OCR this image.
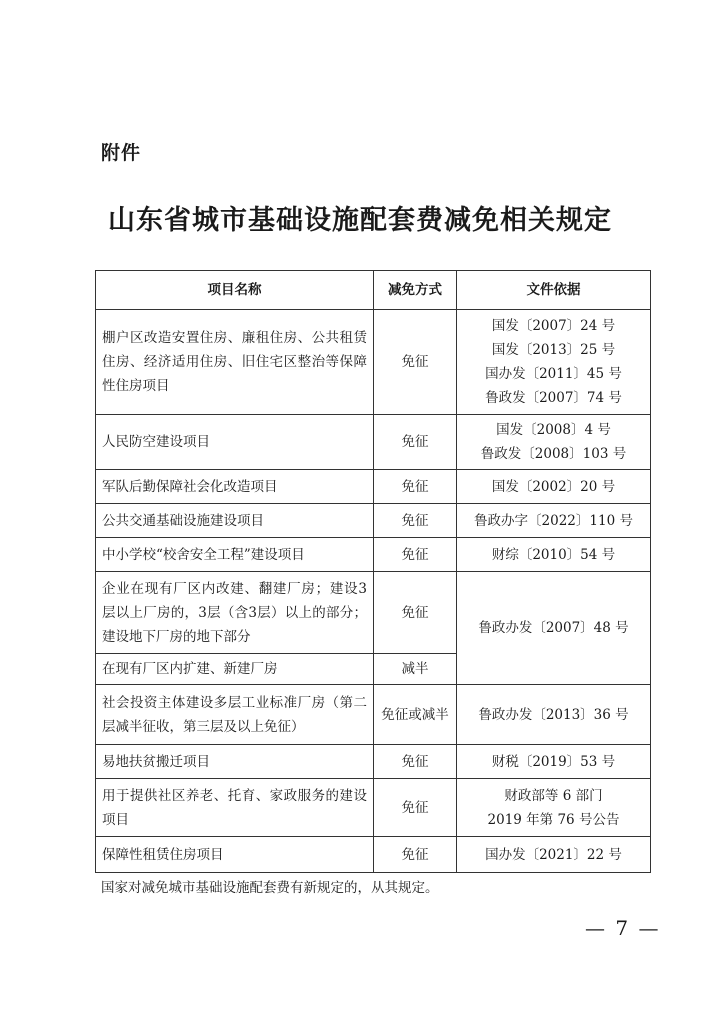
附件
山东省城市基础设施配套费减免相关规定
项目名称	减免方式	文件依据
棚户区改造安置住房、廉租住房、公共租赁住房、经济适用住房、旧住宅区整治等保障性住房项目	免征	国发〔2007〕24 号
国发〔2013〕25 号
国办发〔2011〕45 号
鲁政发〔2007〕74 号

人民防空建设项目	免征	国发〔2008〕4 号
鲁政发〔2008〕103 号

军队后勤保障社会化改造项目	免征	国发〔2002〕20 号
公共交通基础设施建设项目	免征	鲁政办字〔2022〕110 号
中小学校“校舍安全工程”建设项目	免征	财综〔2010〕54 号
企业在现有厂区内改建、翻建厂房；建设3层以上厂房的，3层（含3层）以上的部分；建设地下厂房的地下部分	免征	鲁政办发〔2007〕48 号
在现有厂区内扩建、新建厂房	减半	
社会投资主体建设多层工业标准厂房（第二层减半征收，第三层及以上免征）	免征或减半	鲁政办发〔2013〕36 号
易地扶贫搬迁项目	免征	财税〔2019〕53 号
用于提供社区养老、托育、家政服务的建设项目	免征	财政部等 6 部门
2019 年第 76 号公告

保障性租赁住房项目	免征	国办发〔2021〕22 号
国家对减免城市基础设施配套费有新规定的，从其规定。
— 7 —
